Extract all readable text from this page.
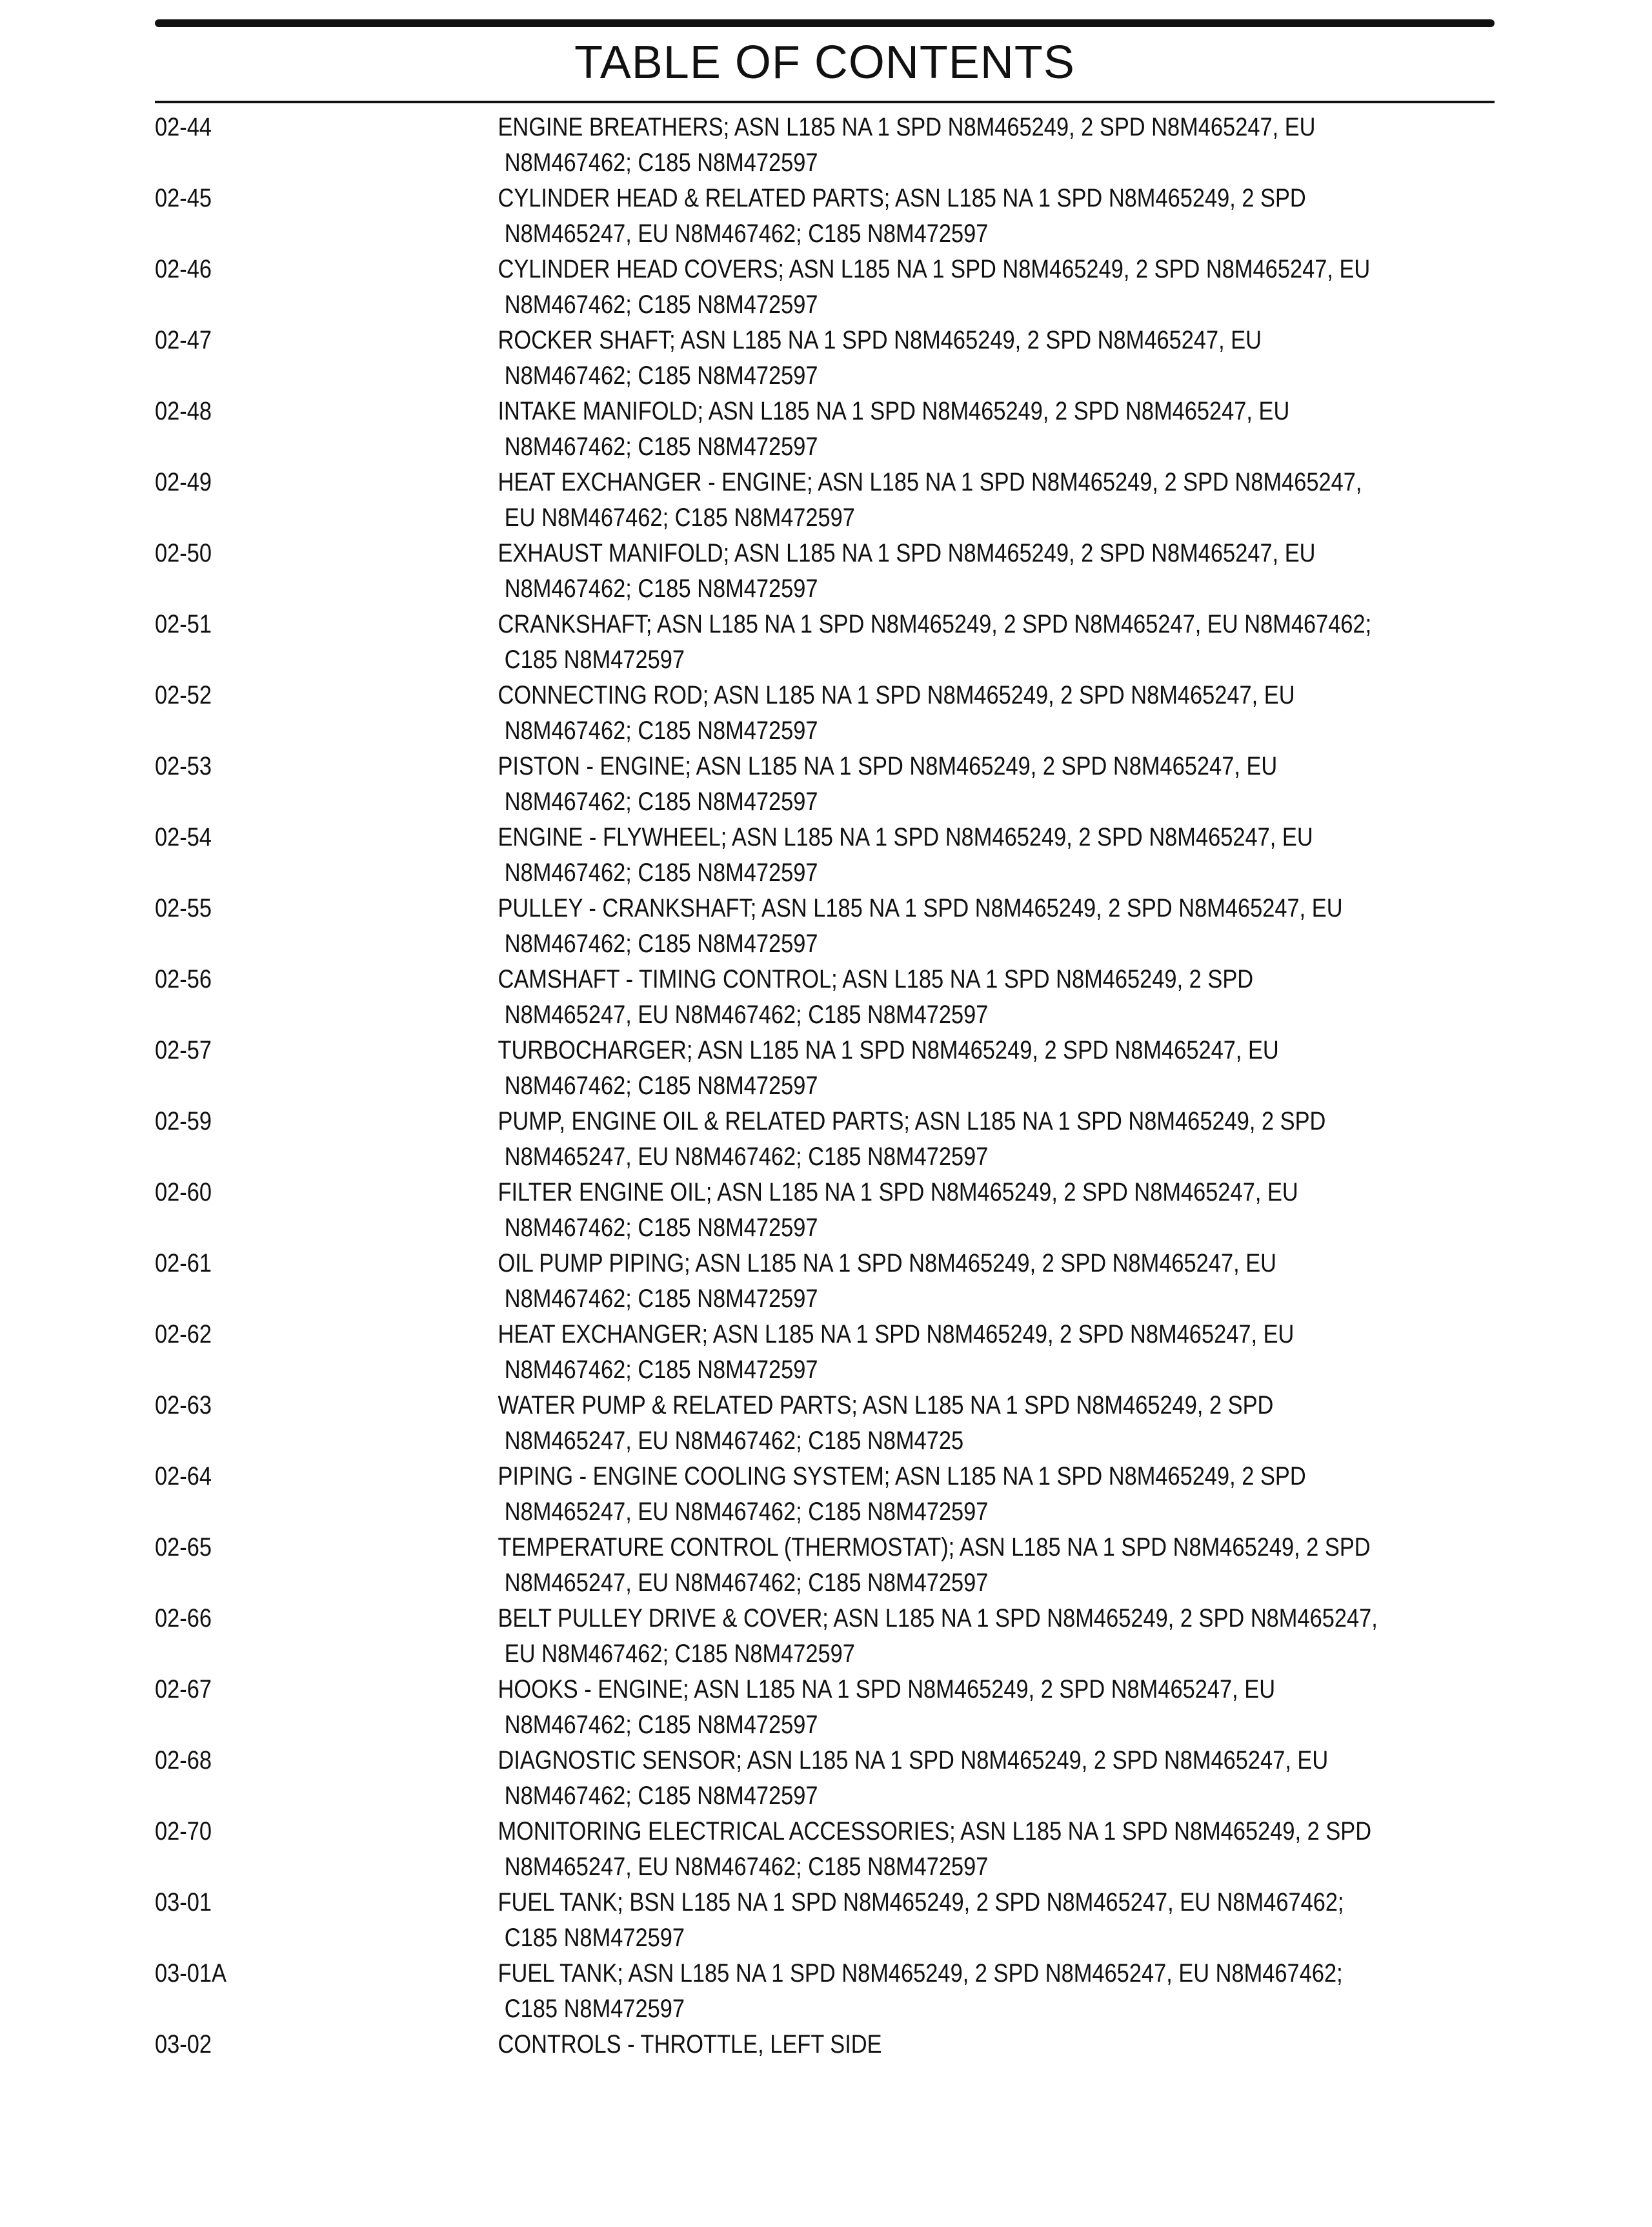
TABLE OF CONTENTS
02-44	ENGINE BREATHERS; ASN L185 NA 1 SPD N8M465249, 2 SPD N8M465247, EU
N8M467462; C185 N8M472597
02-45	CYLINDER HEAD & RELATED PARTS; ASN L185 NA 1 SPD N8M465249, 2 SPD
N8M465247, EU N8M467462; C185 N8M472597
02-46	CYLINDER HEAD COVERS; ASN L185 NA 1 SPD N8M465249, 2 SPD N8M465247, EU
N8M467462; C185 N8M472597
02-47	ROCKER SHAFT; ASN L185 NA 1 SPD N8M465249, 2 SPD N8M465247, EU
N8M467462; C185 N8M472597
02-48	INTAKE MANIFOLD; ASN L185 NA 1 SPD N8M465249, 2 SPD N8M465247, EU
N8M467462; C185 N8M472597
02-49	HEAT EXCHANGER - ENGINE; ASN L185 NA 1 SPD N8M465249, 2 SPD N8M465247,
EU N8M467462; C185 N8M472597
02-50	EXHAUST MANIFOLD; ASN L185 NA 1 SPD N8M465249, 2 SPD N8M465247, EU
N8M467462; C185 N8M472597
02-51	CRANKSHAFT; ASN L185 NA 1 SPD N8M465249, 2 SPD N8M465247, EU N8M467462;
C185 N8M472597
02-52	CONNECTING ROD; ASN L185 NA 1 SPD N8M465249, 2 SPD N8M465247, EU
N8M467462; C185 N8M472597
02-53	PISTON - ENGINE; ASN L185 NA 1 SPD N8M465249, 2 SPD N8M465247, EU
N8M467462; C185 N8M472597
02-54	ENGINE - FLYWHEEL; ASN L185 NA 1 SPD N8M465249, 2 SPD N8M465247, EU
N8M467462; C185 N8M472597
02-55	PULLEY - CRANKSHAFT; ASN L185 NA 1 SPD N8M465249, 2 SPD N8M465247, EU
N8M467462; C185 N8M472597
02-56	CAMSHAFT - TIMING CONTROL; ASN L185 NA 1 SPD N8M465249, 2 SPD
N8M465247, EU N8M467462; C185 N8M472597
02-57	TURBOCHARGER; ASN L185 NA 1 SPD N8M465249, 2 SPD N8M465247, EU
N8M467462; C185 N8M472597
02-59	PUMP, ENGINE OIL & RELATED PARTS; ASN L185 NA 1 SPD N8M465249, 2 SPD
N8M465247, EU N8M467462; C185 N8M472597
02-60	FILTER ENGINE OIL; ASN L185 NA 1 SPD N8M465249, 2 SPD N8M465247, EU
N8M467462; C185 N8M472597
02-61	OIL PUMP PIPING; ASN L185 NA 1 SPD N8M465249, 2 SPD N8M465247, EU
N8M467462; C185 N8M472597
02-62	HEAT EXCHANGER; ASN L185 NA 1 SPD N8M465249, 2 SPD N8M465247, EU
N8M467462; C185 N8M472597
02-63	WATER PUMP & RELATED PARTS; ASN L185 NA 1 SPD N8M465249, 2 SPD
N8M465247, EU N8M467462; C185 N8M4725
02-64	PIPING - ENGINE COOLING SYSTEM; ASN L185 NA 1 SPD N8M465249, 2 SPD
N8M465247, EU N8M467462; C185 N8M472597
02-65	TEMPERATURE CONTROL (THERMOSTAT); ASN L185 NA 1 SPD N8M465249, 2 SPD
N8M465247, EU N8M467462; C185 N8M472597
02-66	BELT PULLEY DRIVE & COVER; ASN L185 NA 1 SPD N8M465249, 2 SPD N8M465247,
EU N8M467462; C185 N8M472597
02-67	HOOKS - ENGINE; ASN L185 NA 1 SPD N8M465249, 2 SPD N8M465247, EU
N8M467462; C185 N8M472597
02-68	DIAGNOSTIC SENSOR; ASN L185 NA 1 SPD N8M465249, 2 SPD N8M465247, EU
N8M467462; C185 N8M472597
02-70	MONITORING ELECTRICAL ACCESSORIES; ASN L185 NA 1 SPD N8M465249, 2 SPD
N8M465247, EU N8M467462; C185 N8M472597
03-01	FUEL TANK; BSN L185 NA 1 SPD N8M465249, 2 SPD N8M465247, EU N8M467462;
C185 N8M472597
03-01A	FUEL TANK; ASN L185 NA 1 SPD N8M465249, 2 SPD N8M465247, EU N8M467462;
C185 N8M472597
03-02	CONTROLS - THROTTLE, LEFT SIDE
